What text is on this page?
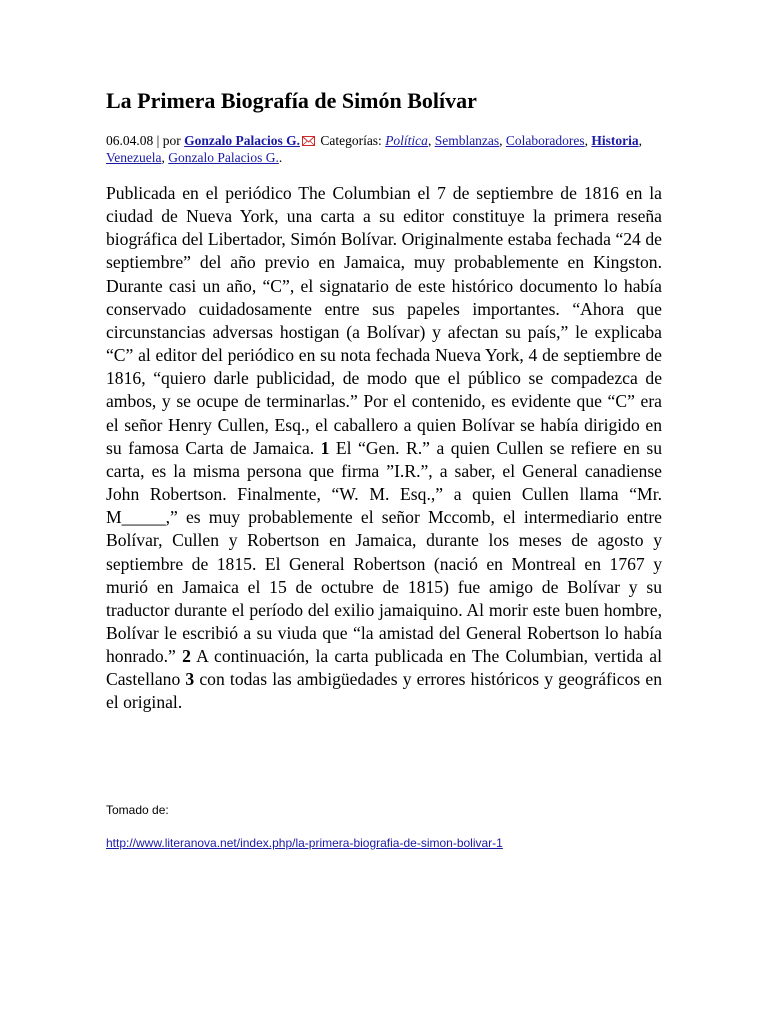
La Primera Biografía de Simón Bolívar
06.04.08 | por Gonzalo Palacios G. Categorías: Política, Semblanzas, Colaboradores, Historia, Venezuela, Gonzalo Palacios G..

Publicada en el periódico The Columbian el 7 de septiembre de 1816 en la ciudad de Nueva York, una carta a su editor constituye la primera reseña biográfica del Libertador, Simón Bolívar. Originalmente estaba fechada “24 de septiembre” del año previo en Jamaica, muy probablemente en Kingston. Durante casi un año, “C”, el signatario de este histórico documento lo había conservado cuidadosamente entre sus papeles importantes. “Ahora que circunstancias adversas hostigan (a Bolívar) y afectan su país,” le explicaba “C” al editor del periódico en su nota fechada Nueva York, 4 de septiembre de 1816, “quiero darle publicidad, de modo que el público se compadezca de ambos, y se ocupe de terminarlas.” Por el contenido, es evidente que “C” era el señor Henry Cullen, Esq., el caballero a quien Bolívar se había dirigido en su famosa Carta de Jamaica. 1 El “Gen. R.” a quien Cullen se refiere en su carta, es la misma persona que firma ”I.R.”, a saber, el General canadiense John Robertson. Finalmente, “W. M. Esq.,” a quien Cullen llama “Mr. M_____,” es muy probablemente el señor Mccomb, el intermediario entre Bolívar, Cullen y Robertson en Jamaica, durante los meses de agosto y septiembre de 1815. El General Robertson (nació en Montreal en 1767 y murió en Jamaica el 15 de octubre de 1815) fue amigo de Bolívar y su traductor durante el período del exilio jamaiquino. Al morir este buen hombre, Bolívar le escribió a su viuda que “la amistad del General Robertson lo había honrado.” 2 A continuación, la carta publicada en The Columbian, vertida al Castellano 3 con todas las ambigüedades y errores históricos y geográficos en el original.

Tomado de:
http://www.literanova.net/index.php/la-primera-biografia-de-simon-bolivar-1
